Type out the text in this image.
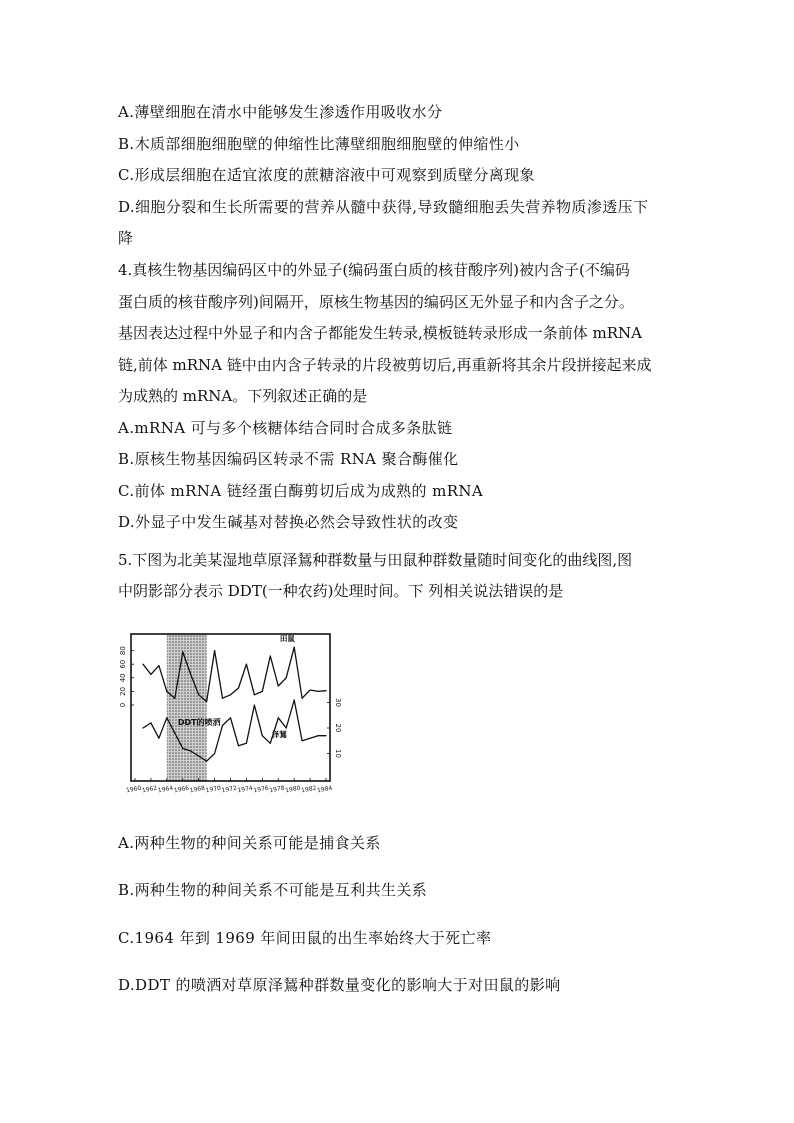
A.薄壁细胞在清水中能够发生渗透作用吸收水分
B.木质部细胞细胞壁的伸缩性比薄壁细胞细胞壁的伸缩性小
C.形成层细胞在适宜浓度的蔗糖溶液中可观察到质壁分离现象
D.细胞分裂和生长所需要的营养从髓中获得,导致髓细胞丢失营养物质渗透压下
降
4.真核生物基因编码区中的外显子(编码蛋白质的核苷酸序列)被内含子(不编码
蛋白质的核苷酸序列)间隔开，原核生物基因的编码区无外显子和内含子之分。
基因表达过程中外显子和内含子都能发生转录,模板链转录形成一条前体 mRNA
链,前体 mRNA 链中由内含子转录的片段被剪切后,再重新将其余片段拼接起来成
为成熟的 mRNA。下列叙述正确的是
A.mRNA 可与多个核糖体结合同时合成多条肽链
B.原核生物基因编码区转录不需 RNA 聚合酶催化
C.前体 mRNA 链经蛋白酶剪切后成为成熟的 mRNA
D.外显子中发生碱基对替换必然会导致性状的改变
5.下图为北美某湿地草原泽鵟种群数量与田鼠种群数量随时间变化的曲线图,图
中阴影部分表示 DDT(一种农药)处理时间。下 列相关说法错误的是
80
60
40
20
0	30
20
10
1960 1962 1964 1966 1968 1970 1972 1974 1976 1978 1980 1982 1984
田鼠
泽鵟
DDT的喷洒
A.两种生物的种间关系可能是捕食关系
B.两种生物的种间关系不可能是互利共生关系
C.1964 年到 1969 年间田鼠的出生率始终大于死亡率
D.DDT 的喷洒对草原泽鵟种群数量变化的影响大于对田鼠的影响
